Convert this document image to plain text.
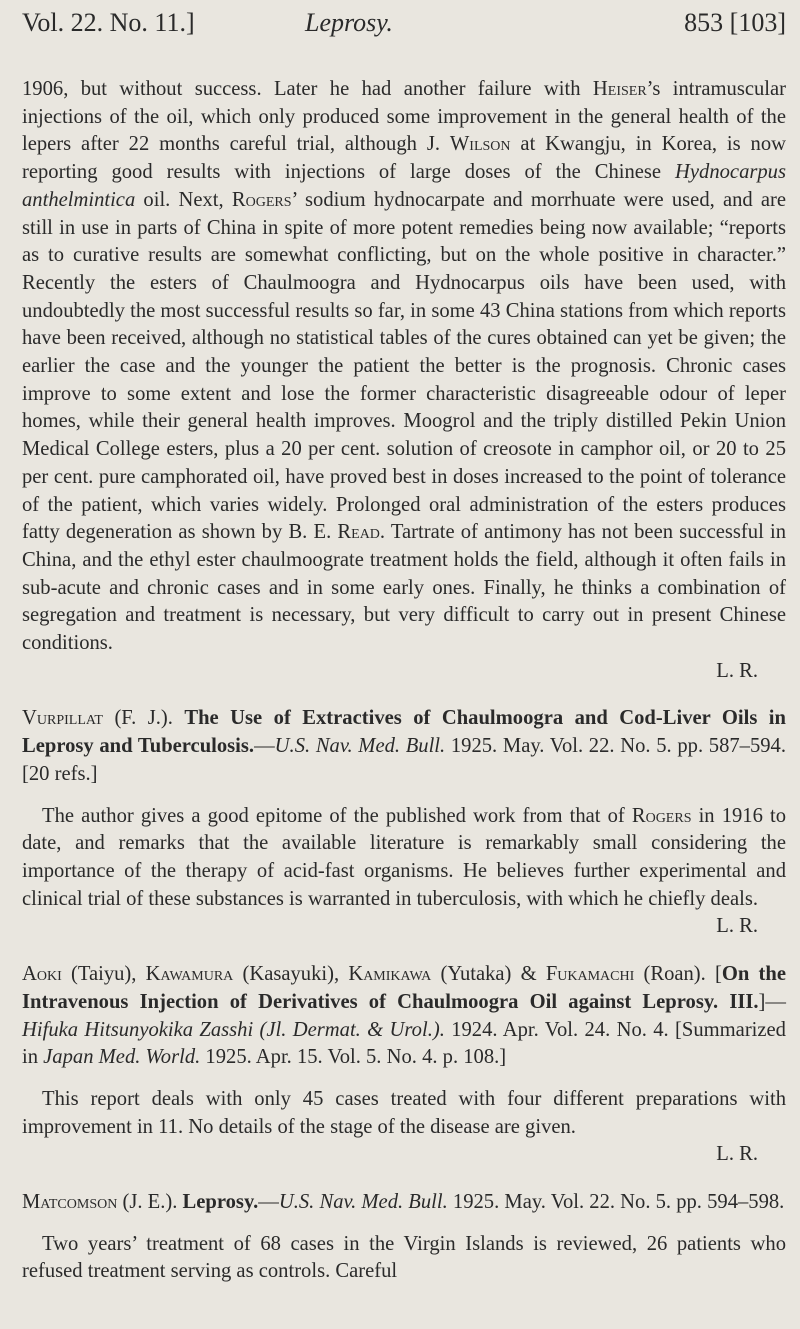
Vol. 22. No. 11.]	Leprosy.	853 [103]

1906, but without success. Later he had another failure with Heiser’s intramuscular injections of the oil, which only produced some improvement in the general health of the lepers after 22 months careful trial, although J. Wilson at Kwangju, in Korea, is now reporting good results with injections of large doses of the Chinese Hydnocarpus anthelmintica oil. Next, Rogers’ sodium hydnocarpate and morrhuate were used, and are still in use in parts of China in spite of more potent remedies being now available; “reports as to curative results are somewhat conflicting, but on the whole positive in character.” Recently the esters of Chaulmoogra and Hydnocarpus oils have been used, with undoubtedly the most successful results so far, in some 43 China stations from which reports have been received, although no statistical tables of the cures obtained can yet be given; the earlier the case and the younger the patient the better is the prognosis. Chronic cases improve to some extent and lose the former characteristic disagreeable odour of leper homes, while their general health improves. Moogrol and the triply distilled Pekin Union Medical College esters, plus a 20 per cent. solution of creosote in camphor oil, or 20 to 25 per cent. pure camphorated oil, have proved best in doses increased to the point of tolerance of the patient, which varies widely. Prolonged oral administration of the esters produces fatty degeneration as shown by B. E. Read. Tartrate of antimony has not been successful in China, and the ethyl ester chaulmoograte treatment holds the field, although it often fails in sub-acute and chronic cases and in some early ones. Finally, he thinks a combination of segregation and treatment is necessary, but very difficult to carry out in present Chinese conditions.

L. R.

Vurpillat (F. J.). The Use of Extractives of Chaulmoogra and Cod-Liver Oils in Leprosy and Tuberculosis.—U.S. Nav. Med. Bull. 1925. May. Vol. 22. No. 5. pp. 587–594. [20 refs.]

The author gives a good epitome of the published work from that of Rogers in 1916 to date, and remarks that the available literature is remarkably small considering the importance of the therapy of acid-fast organisms. He believes further experimental and clinical trial of these substances is warranted in tuberculosis, with which he chiefly deals.

L. R.

Aoki (Taiyu), Kawamura (Kasayuki), Kamikawa (Yutaka) & Fukamachi (Roan). [On the Intravenous Injection of Derivatives of Chaulmoogra Oil against Leprosy. III.]—Hifuka Hitsunyokika Zasshi (Jl. Dermat. & Urol.). 1924. Apr. Vol. 24. No. 4. [Summarized in Japan Med. World. 1925. Apr. 15. Vol. 5. No. 4. p. 108.]

This report deals with only 45 cases treated with four different preparations with improvement in 11. No details of the stage of the disease are given.

L. R.

Matcomson (J. E.). Leprosy.—U.S. Nav. Med. Bull. 1925. May. Vol. 22. No. 5. pp. 594–598.

Two years’ treatment of 68 cases in the Virgin Islands is reviewed, 26 patients who refused treatment serving as controls. Careful
